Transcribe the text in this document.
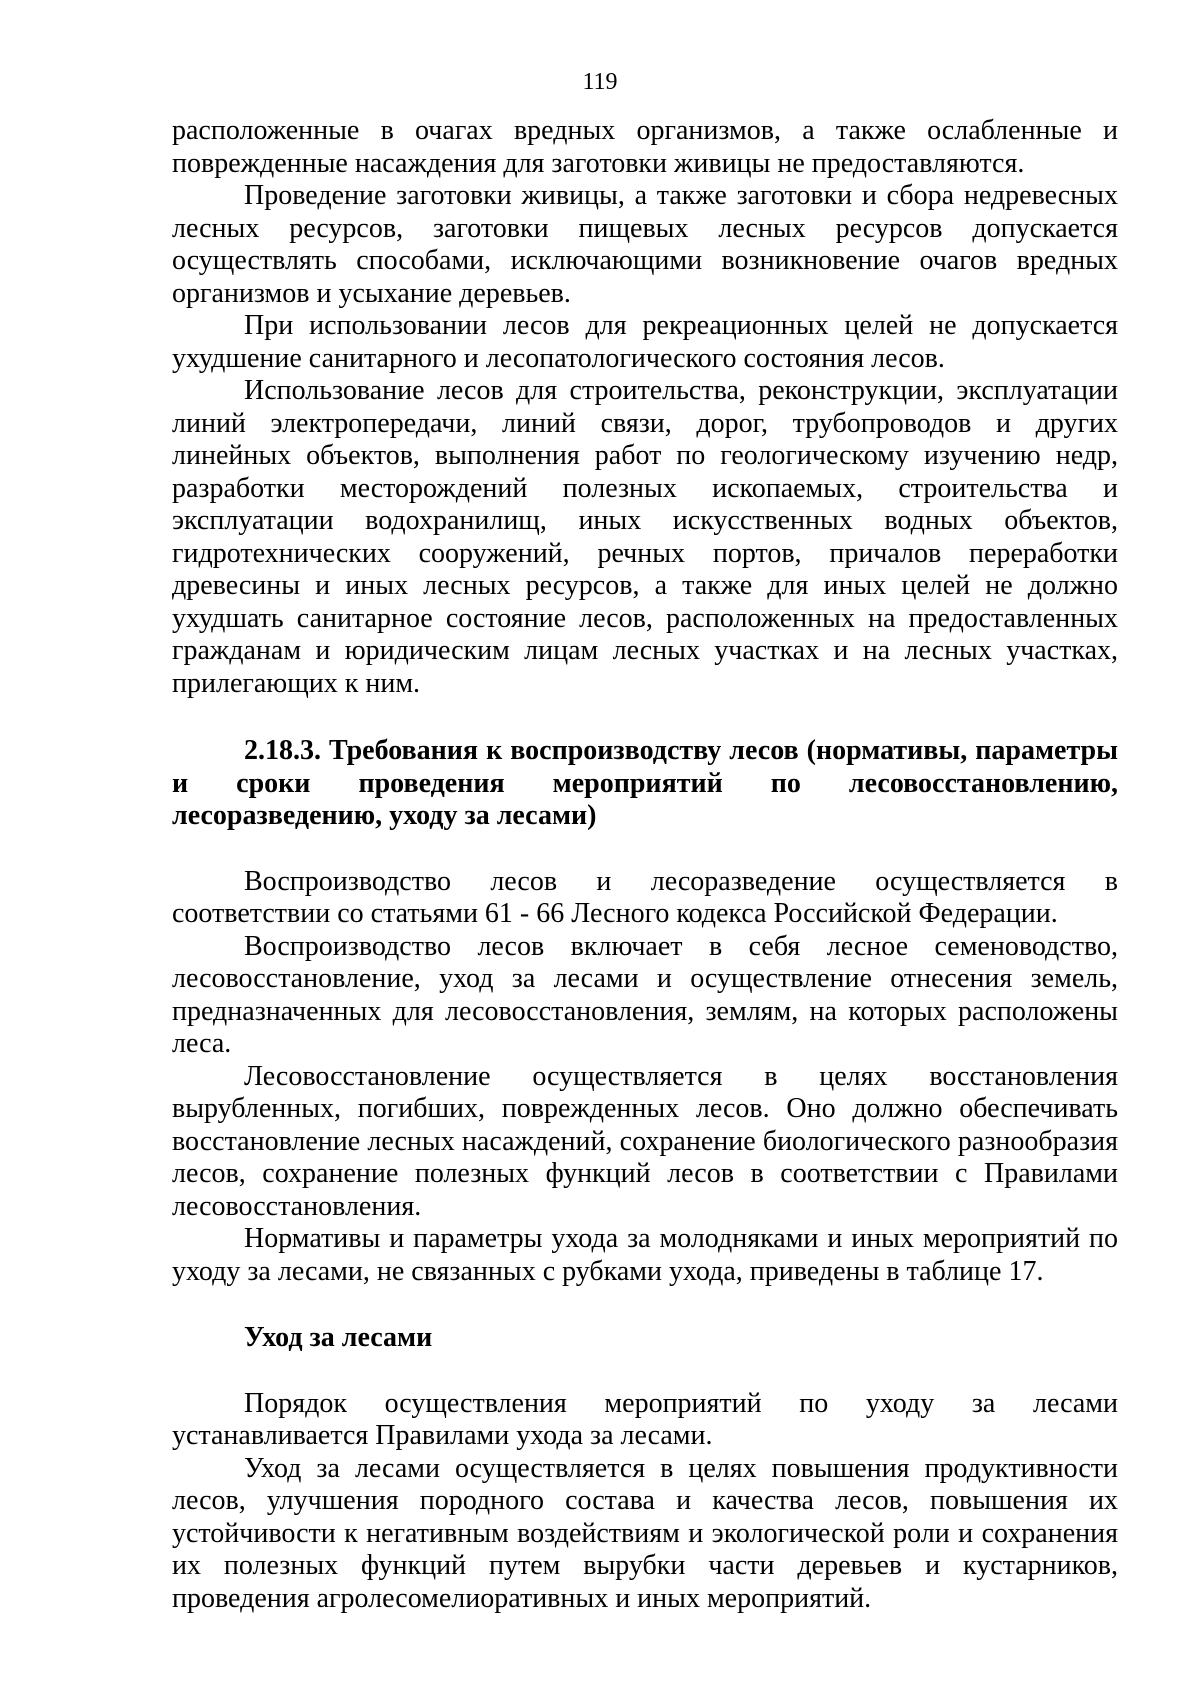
119

расположенные в очагах вредных организмов, а также ослабленные и поврежденные насаждения для заготовки живицы не предоставляются.

Проведение заготовки живицы, а также заготовки и сбора недревесных лесных ресурсов, заготовки пищевых лесных ресурсов допускается осуществлять способами, исключающими возникновение очагов вредных организмов и усыхание деревьев.

При использовании лесов для рекреационных целей не допускается ухудшение санитарного и лесопатологического состояния лесов.

Использование лесов для строительства, реконструкции, эксплуатации линий электропередачи, линий связи, дорог, трубопроводов и других линейных объектов, выполнения работ по геологическому изучению недр, разработки месторождений полезных ископаемых, строительства и эксплуатации водохранилищ, иных искусственных водных объектов, гидротехнических сооружений, речных портов, причалов переработки древесины и иных лесных ресурсов, а также для иных целей не должно ухудшать санитарное состояние лесов, расположенных на предоставленных гражданам и юридическим лицам лесных участках и на лесных участках, прилегающих к ним.

2.18.3. Требования к воспроизводству лесов (нормативы, параметры и сроки проведения мероприятий по лесовосстановлению, лесоразведению, уходу за лесами)

Воспроизводство лесов и лесоразведение осуществляется в соответствии со статьями 61 - 66 Лесного кодекса Российской Федерации.

Воспроизводство лесов включает в себя лесное семеноводство, лесовосстановление, уход за лесами и осуществление отнесения земель, предназначенных для лесовосстановления, землям, на которых расположены леса.

Лесовосстановление осуществляется в целях восстановления вырубленных, погибших, поврежденных лесов. Оно должно обеспечивать восстановление лесных насаждений, сохранение биологического разнообразия лесов, сохранение полезных функций лесов в соответствии с Правилами лесовосстановления.

Нормативы и параметры ухода за молодняками и иных мероприятий по уходу за лесами, не связанных с рубками ухода, приведены в таблице 17.

Уход за лесами

Порядок осуществления мероприятий по уходу за лесами устанавливается Правилами ухода за лесами.

Уход за лесами осуществляется в целях повышения продуктивности лесов, улучшения породного состава и качества лесов, повышения их устойчивости к негативным воздействиям и экологической роли и сохранения их полезных функций путем вырубки части деревьев и кустарников, проведения агролесомелиоративных и иных мероприятий.
